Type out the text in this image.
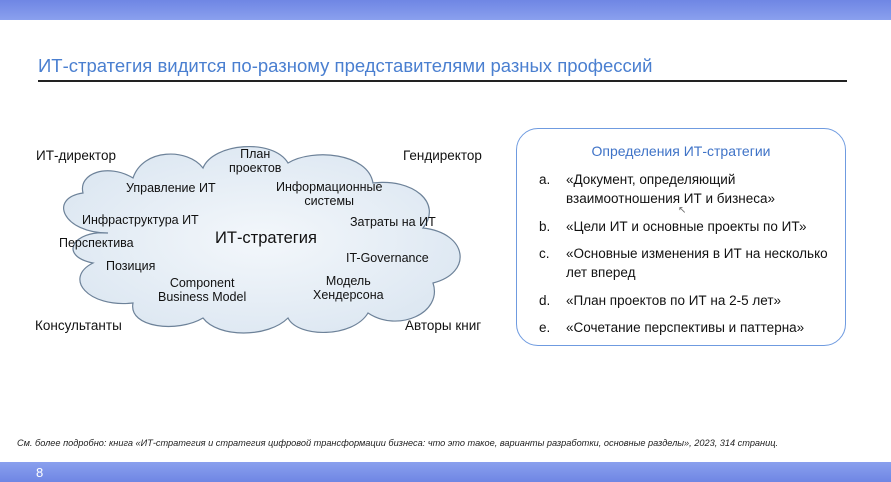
ИТ-стратегия видится по-разному представителями разных профессий
ИТ-директор	Гендиректор
Консультанты	Авторы книг
ИТ-стратегия
План
проектов
Управление ИТ	Информационные
системы
Инфраструктура ИТ	Затраты на ИТ
Перспектива
IT-Governance
Позиция
Модель
Хендерсона
Component
Business Model
Определения ИТ-стратегии
a. «Документ, определяющий взаимоотношения ИТ и бизнеса»
b. «Цели ИТ и основные проекты по ИТ»
c. «Основные изменения в ИТ на несколько лет вперед
d. «План проектов по ИТ на 2-5 лет»
e. «Сочетание перспективы и паттерна»
↖
См. более подробно: книга «ИТ-стратегия и стратегия цифровой трансформации бизнеса: что это такое, варианты разработки, основные разделы», 2023, 314 страниц.
8
